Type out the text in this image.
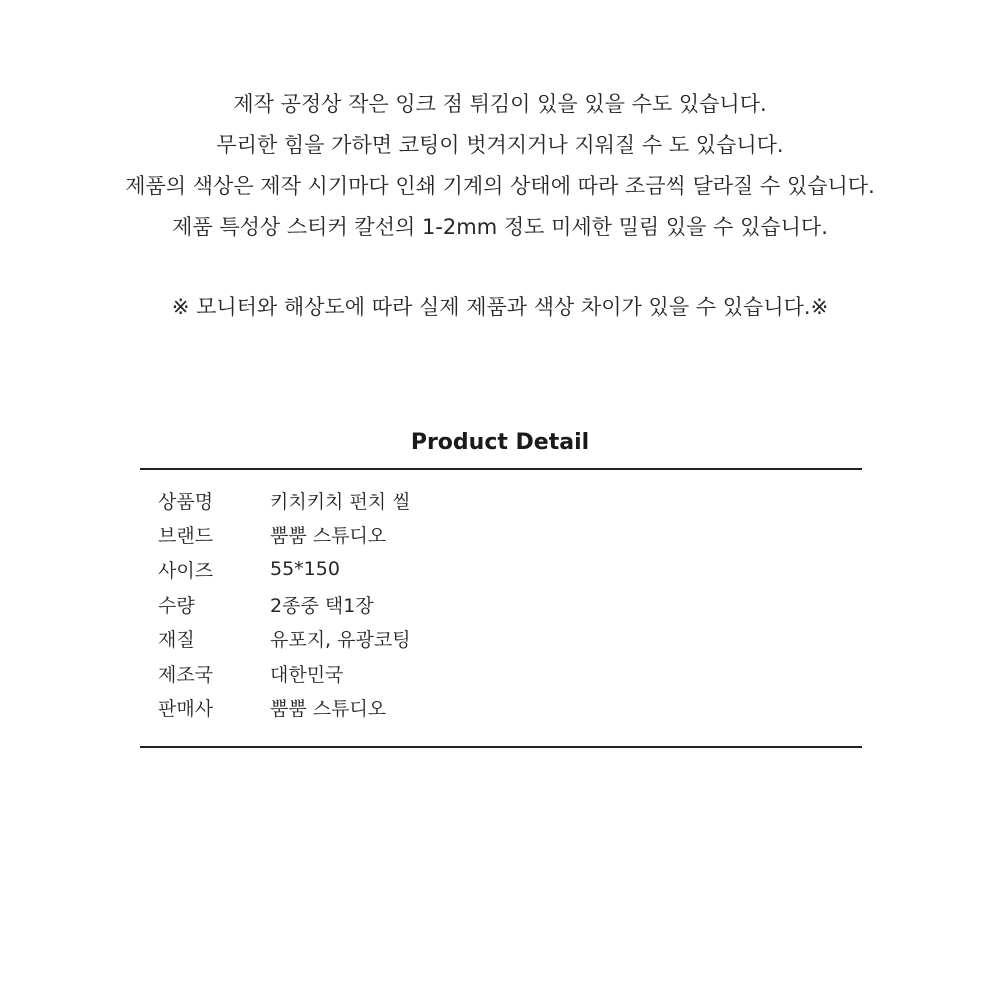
제작 공정상 작은 잉크 점 튀김이 있을 있을 수도 있습니다.
무리한 힘을 가하면 코팅이 벗겨지거나 지워질 수 도 있습니다.
제품의 색상은 제작 시기마다 인쇄 기계의 상태에 따라 조금씩 달라질 수 있습니다.
제품 특성상 스티커 칼선의 1-2mm 정도 미세한 밀림 있을 수 있습니다.
※ 모니터와 해상도에 따라 실제 제품과 색상 차이가 있을 수 있습니다.※
Product Detail
상품명	키치키치 펀치 씰
브랜드	뿜뿜 스튜디오
사이즈	55*150
수량	2종중 택1장
재질	유포지, 유광코팅
제조국	대한민국
판매사	뿜뿜 스튜디오
